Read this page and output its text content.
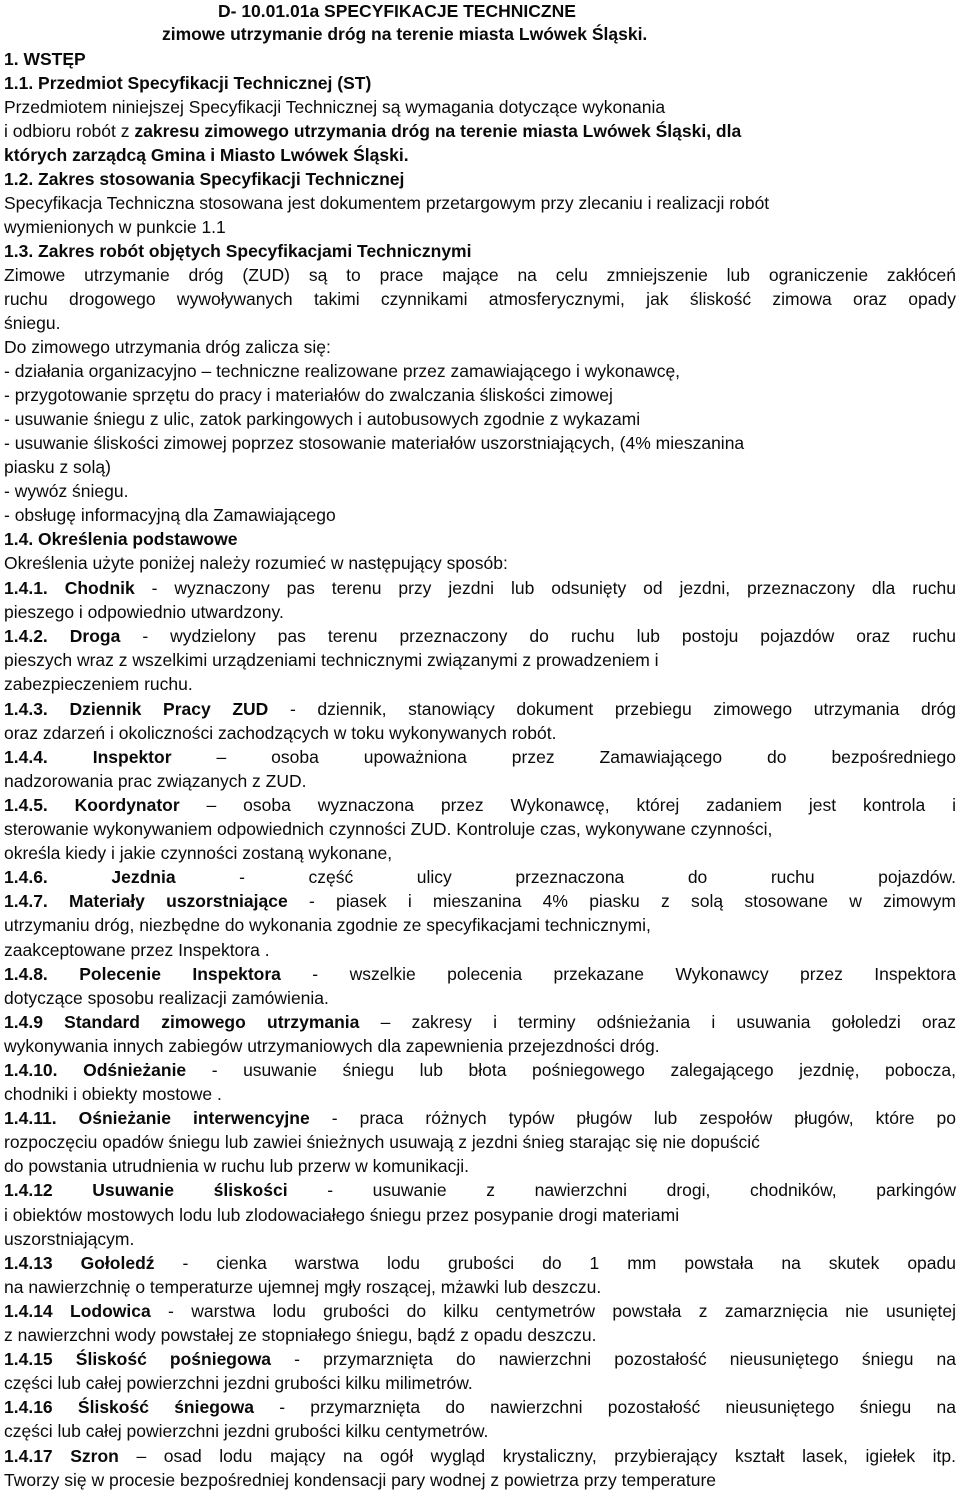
D- 10.01.01a SPECYFIKACJE TECHNICZNE
zimowe utrzymanie dróg na terenie miasta Lwówek Śląski.
1. WSTĘP
1.1. Przedmiot Specyfikacji Technicznej (ST)
Przedmiotem niniejszej Specyfikacji Technicznej są wymagania dotyczące wykonania
i odbioru robót z zakresu zimowego utrzymania dróg na terenie miasta Lwówek Śląski, dla
których zarządcą Gmina i Miasto Lwówek Śląski.
1.2. Zakres stosowania Specyfikacji Technicznej
Specyfikacja Techniczna stosowana jest dokumentem przetargowym przy zlecaniu i realizacji robót
wymienionych w punkcie 1.1
1.3. Zakres robót objętych Specyfikacjami Technicznymi
Zimowe utrzymanie dróg (ZUD) są to prace mające na celu zmniejszenie lub ograniczenie zakłóceń
ruchu drogowego wywoływanych takimi czynnikami atmosferycznymi, jak śliskość zimowa oraz opady
śniegu.
Do zimowego utrzymania dróg zalicza się:
- działania organizacyjno – techniczne realizowane przez zamawiającego i wykonawcę,
- przygotowanie sprzętu do pracy i materiałów do zwalczania śliskości zimowej
- usuwanie śniegu z ulic, zatok parkingowych i autobusowych zgodnie z wykazami
- usuwanie śliskości zimowej poprzez stosowanie materiałów uszorstniających, (4% mieszanina
piasku z solą)
- wywóz śniegu.
- obsługę informacyjną dla Zamawiającego
1.4. Określenia podstawowe
Określenia użyte poniżej należy rozumieć w następujący sposób:
1.4.1. Chodnik - wyznaczony pas terenu przy jezdni lub odsunięty od jezdni, przeznaczony dla ruchu
pieszego i odpowiednio utwardzony.
1.4.2. Droga - wydzielony pas terenu przeznaczony do ruchu lub postoju pojazdów oraz ruchu
pieszych wraz z wszelkimi urządzeniami technicznymi związanymi z prowadzeniem i
zabezpieczeniem ruchu.
1.4.3. Dziennik Pracy ZUD - dziennik, stanowiący dokument przebiegu zimowego utrzymania dróg
oraz zdarzeń i okoliczności zachodzących w toku wykonywanych robót.
1.4.4.	Inspektor – osoba upoważniona przez Zamawiającego do bezpośredniego
nadzorowania prac związanych z ZUD.
1.4.5. Koordynator – osoba wyznaczona przez Wykonawcę, której zadaniem jest kontrola i
sterowanie wykonywaniem odpowiednich czynności ZUD. Kontroluje czas, wykonywane czynności,
określa kiedy i jakie czynności zostaną wykonane,
1.4.6.	Jezdnia - część ulicy przeznaczona do ruchu pojazdów.
1.4.7. Materiały uszorstniające - piasek i mieszanina 4% piasku z solą stosowane w zimowym
utrzymaniu dróg, niezbędne do wykonania zgodnie ze specyfikacjami technicznymi,
zaakceptowane przez Inspektora .
1.4.8. Polecenie Inspektora - wszelkie polecenia przekazane Wykonawcy przez Inspektora
dotyczące sposobu realizacji zamówienia.
1.4.9 Standard zimowego utrzymania – zakresy i terminy odśnieżania i usuwania gołoledzi oraz
wykonywania innych zabiegów utrzymaniowych dla zapewnienia przejezdności dróg.
1.4.10. Odśnieżanie - usuwanie śniegu lub błota pośniegowego zalegającego jezdnię, pobocza,
chodniki i obiekty mostowe .
1.4.11. Ośnieżanie interwencyjne - praca różnych typów pługów lub zespołów pługów, które po
rozpoczęciu opadów śniegu lub zawiei śnieżnych usuwają z jezdni śnieg starając się nie dopuścić
do powstania utrudnienia w ruchu lub przerw w komunikacji.
1.4.12 Usuwanie śliskości - usuwanie z nawierzchni drogi, chodników, parkingów
i obiektów mostowych lodu lub zlodowaciałego śniegu przez posypanie drogi materiami
uszorstniającym.
1.4.13 Gołoledź - cienka warstwa lodu grubości do 1 mm powstała na skutek opadu
na nawierzchnię o temperaturze ujemnej mgły roszącej, mżawki lub deszczu.
1.4.14 Lodowica - warstwa lodu grubości do kilku centymetrów powstała z zamarznięcia nie usuniętej
z nawierzchni wody powstałej ze stopniałego śniegu, bądź z opadu deszczu.
1.4.15 Śliskość pośniegowa - przymarznięta do nawierzchni pozostałość nieusuniętego śniegu na
części lub całej powierzchni jezdni grubości kilku milimetrów.
1.4.16 Śliskość śniegowa - przymarznięta do nawierzchni pozostałość nieusuniętego śniegu na
części lub całej powierzchni jezdni grubości kilku centymetrów.
1.4.17 Szron – osad lodu mający na ogół wygląd krystaliczny, przybierający kształt lasek, igiełek itp.
Tworzy się w procesie bezpośredniej kondensacji pary wodnej z powietrza przy temperature
